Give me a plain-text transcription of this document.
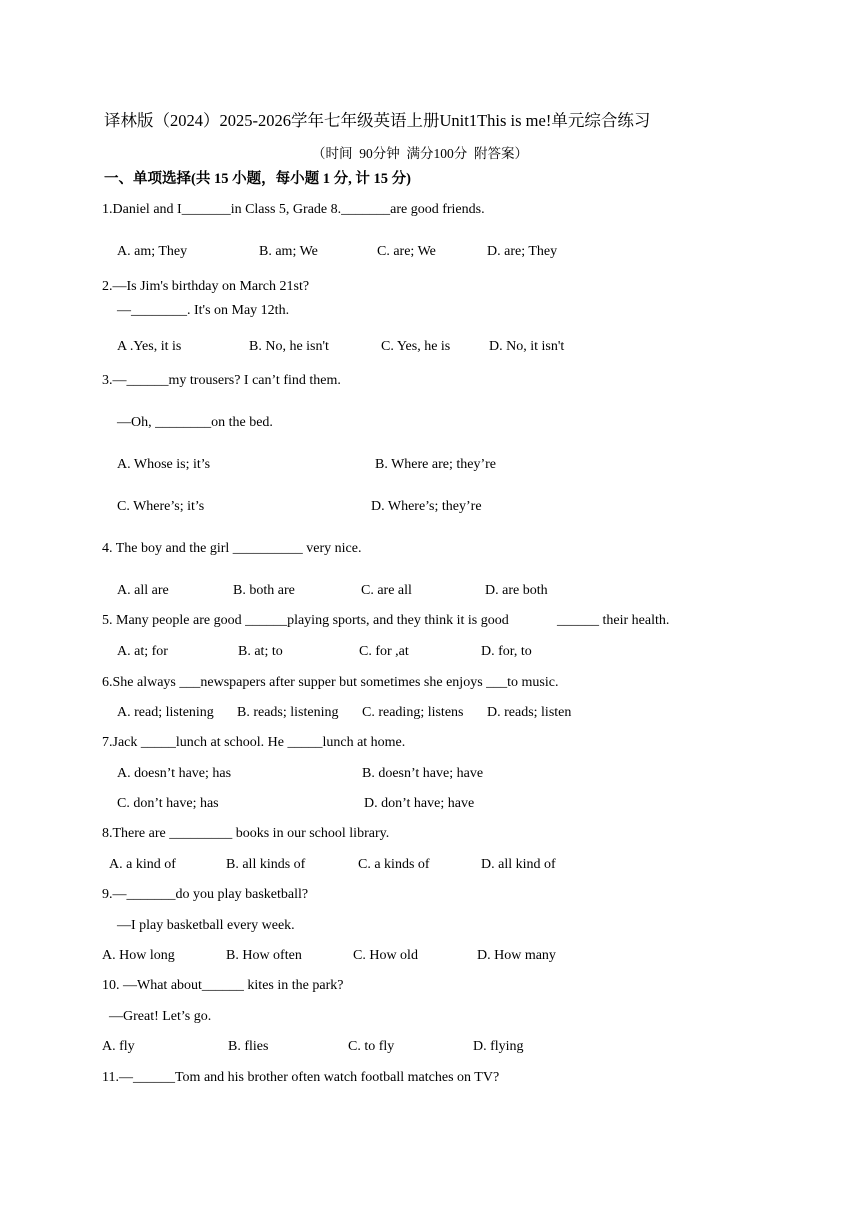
译林版（2024）2025-2026学年七年级英语上册Unit1This is me!单元综合练习
（时间  90分钟  满分100分  附答案）
一、单项选择(共 15 小题，每小题 1 分, 计 15 分)
1.Daniel and I_______in Class 5, Grade 8._______are good friends.
A. am; They	B. am; We	C. are; We	D. are; They
2.—Is Jim's birthday on March 21st?
—________. It's on May 12th.
A .Yes, it is	B. No, he isn't	C. Yes, he is	D. No, it isn't
3.—______my trousers? I can’t find them.
—Oh, ________on the bed.
A. Whose is; it’s	B. Where are; they’re
C. Where’s; it’s	D. Where’s; they’re
4. The boy and the girl __________ very nice.
A. all are	B. both are	C. are all	D. are both
5. Many people are good ______playing sports, and they think it is good	______ their health.
A. at; for	B. at; to	C. for ,at	D. for, to
6.She always ___newspapers after supper but sometimes she enjoys ___to music.
A. read; listening B. reads; listening C. reading; listens D. reads; listen
7.Jack _____lunch at school. He _____lunch at home.
A. doesn’t have; has	B. doesn’t have; have
C. don’t have; has	D. don’t have; have
8.There are _________ books in our school library.
A. a kind of	B. all kinds of	C. a kinds of	D. all kind of
9.—_______do you play basketball?
—I play basketball every week.
A. How long	B. How often	C. How old	D. How many
10. —What about______ kites in the park?
—Great! Let’s go.
A. fly	B. flies	C. to fly	D. flying
11.—______Tom and his brother often watch football matches on TV?
